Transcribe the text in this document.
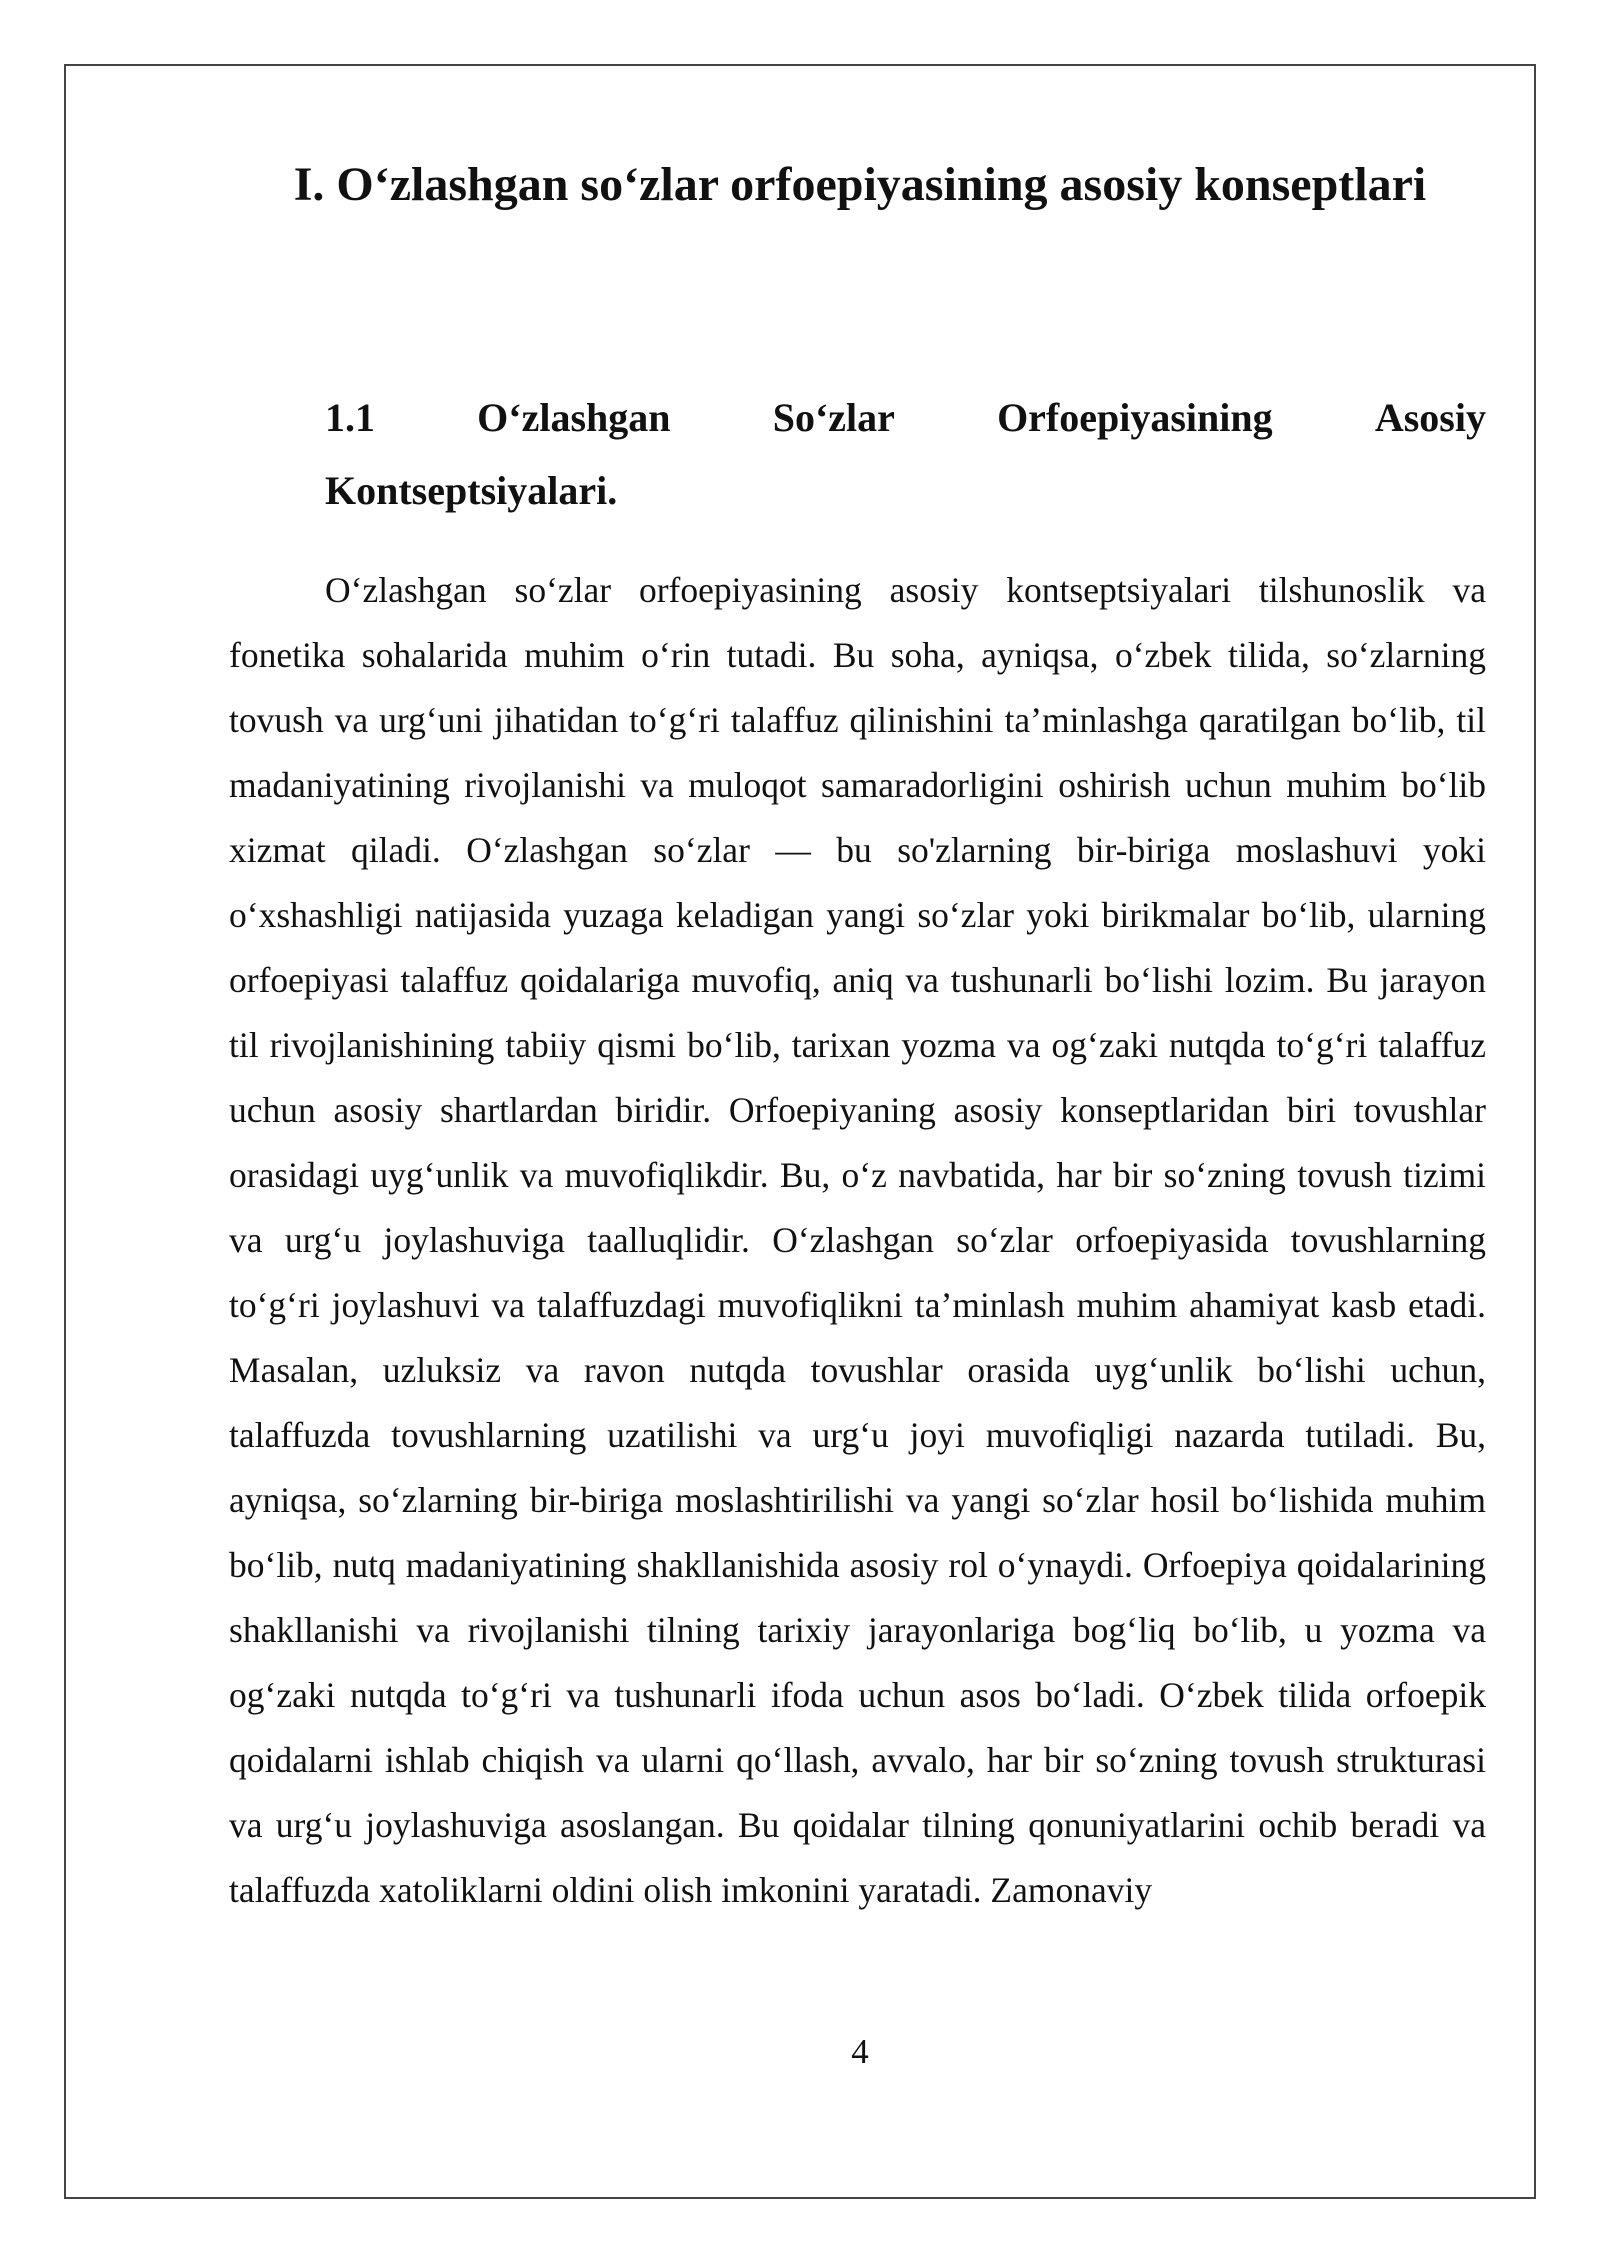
I. O‘zlashgan so‘zlar orfoepiyasining asosiy konseptlari
1.1	O‘zlashgan	So‘zlar	Orfoepiyasining	Asosiy
Kontseptsiyalari.

O‘zlashgan so‘zlar orfoepiyasining asosiy kontseptsiyalari tilshunoslik va fonetika sohalarida muhim o‘rin tutadi. Bu soha, ayniqsa, o‘zbek tilida, so‘zlarning tovush va urg‘uni jihatidan to‘g‘ri talaffuz qilinishini ta’minlashga qaratilgan bo‘lib, til madaniyatining rivojlanishi va muloqot samaradorligini oshirish uchun muhim bo‘lib xizmat qiladi. O‘zlashgan so‘zlar — bu so'zlarning bir-biriga moslashuvi yoki o‘xshashligi natijasida yuzaga keladigan yangi so‘zlar yoki birikmalar bo‘lib, ularning orfoepiyasi talaffuz qoidalariga muvofiq, aniq va tushunarli bo‘lishi lozim. Bu jarayon til rivojlanishining tabiiy qismi bo‘lib, tarixan yozma va og‘zaki nutqda to‘g‘ri talaffuz uchun asosiy shartlardan biridir. Orfoepiyaning asosiy konseptlaridan biri tovushlar orasidagi uyg‘unlik va muvofiqlikdir. Bu, o‘z navbatida, har bir so‘zning tovush tizimi va urg‘u joylashuviga taalluqlidir. O‘zlashgan so‘zlar orfoepiyasida tovushlarning to‘g‘ri joylashuvi va talaffuzdagi muvofiqlikni ta’minlash muhim ahamiyat kasb etadi. Masalan, uzluksiz va ravon nutqda tovushlar orasida uyg‘unlik bo‘lishi uchun, talaffuzda tovushlarning uzatilishi va urg‘u joyi muvofiqligi nazarda tutiladi. Bu, ayniqsa, so‘zlarning bir-biriga moslashtirilishi va yangi so‘zlar hosil bo‘lishida muhim bo‘lib, nutq madaniyatining shakllanishida asosiy rol o‘ynaydi. Orfoepiya qoidalarining shakllanishi va rivojlanishi tilning tarixiy jarayonlariga bog‘liq bo‘lib, u yozma va og‘zaki nutqda to‘g‘ri va tushunarli ifoda uchun asos bo‘ladi. O‘zbek tilida orfoepik qoidalarni ishlab chiqish va ularni qo‘llash, avvalo, har bir so‘zning tovush strukturasi va urg‘u joylashuviga asoslangan. Bu qoidalar tilning qonuniyatlarini ochib beradi va talaffuzda xatoliklarni oldini olish imkonini yaratadi. Zamonaviy

4
